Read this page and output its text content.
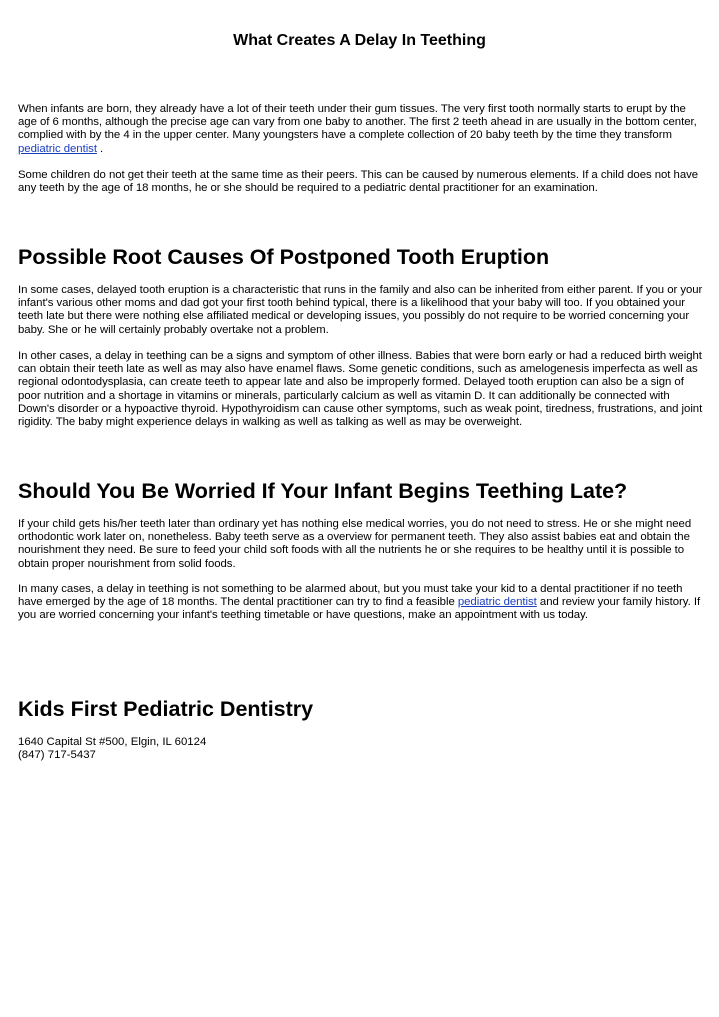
What Creates A Delay In Teething

When infants are born, they already have a lot of their teeth under their gum tissues. The very first tooth normally starts to erupt by the age of 6 months, although the precise age can vary from one baby to another. The first 2 teeth ahead in are usually in the bottom center, complied with by the 4 in the upper center. Many youngsters have a complete collection of 20 baby teeth by the time they transform pediatric dentist .

Some children do not get their teeth at the same time as their peers. This can be caused by numerous elements. If a child does not have any teeth by the age of 18 months, he or she should be required to a pediatric dental practitioner for an examination.

Possible Root Causes Of Postponed Tooth Eruption

In some cases, delayed tooth eruption is a characteristic that runs in the family and also can be inherited from either parent. If you or your infant's various other moms and dad got your first tooth behind typical, there is a likelihood that your baby will too. If you obtained your teeth late but there were nothing else affiliated medical or developing issues, you possibly do not require to be worried concerning your baby. She or he will certainly probably overtake not a problem.

In other cases, a delay in teething can be a signs and symptom of other illness. Babies that were born early or had a reduced birth weight can obtain their teeth late as well as may also have enamel flaws. Some genetic conditions, such as amelogenesis imperfecta as well as regional odontodysplasia, can create teeth to appear late and also be improperly formed. Delayed tooth eruption can also be a sign of poor nutrition and a shortage in vitamins or minerals, particularly calcium as well as vitamin D. It can additionally be connected with Down's disorder or a hypoactive thyroid. Hypothyroidism can cause other symptoms, such as weak point, tiredness, frustrations, and joint rigidity. The baby might experience delays in walking as well as talking as well as may be overweight.

Should You Be Worried If Your Infant Begins Teething Late?

If your child gets his/her teeth later than ordinary yet has nothing else medical worries, you do not need to stress. He or she might need orthodontic work later on, nonetheless. Baby teeth serve as a overview for permanent teeth. They also assist babies eat and obtain the nourishment they need. Be sure to feed your child soft foods with all the nutrients he or she requires to be healthy until it is possible to obtain proper nourishment from solid foods.

In many cases, a delay in teething is not something to be alarmed about, but you must take your kid to a dental practitioner if no teeth have emerged by the age of 18 months. The dental practitioner can try to find a feasible pediatric dentist and review your family history. If you are worried concerning your infant's teething timetable or have questions, make an appointment with us today.

Kids First Pediatric Dentistry

1640 Capital St #500, Elgin, IL 60124

(847) 717-5437
